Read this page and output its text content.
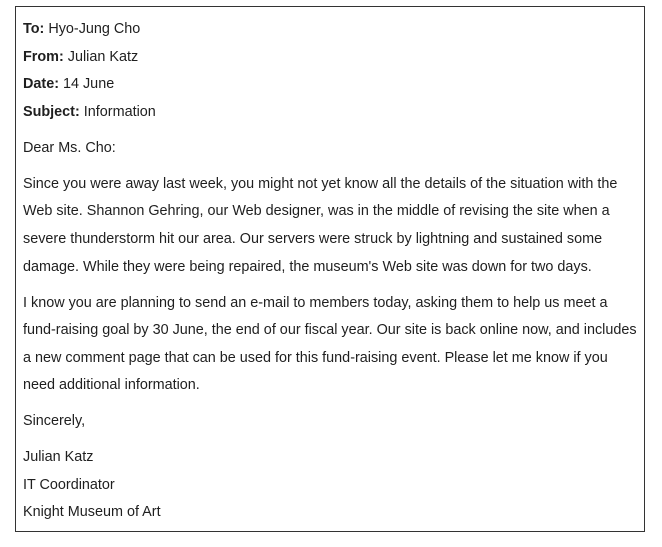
To: Hyo-Jung Cho

From: Julian Katz

Date: 14 June

Subject: Information

Dear Ms. Cho:

Since you were away last week, you might not yet know all the details of the situation with the Web site. Shannon Gehring, our Web designer, was in the middle of revising the site when a severe thunderstorm hit our area. Our servers were struck by lightning and sustained some damage. While they were being repaired, the museum's Web site was down for two days.

I know you are planning to send an e-mail to members today, asking them to help us meet a fund-raising goal by 30 June, the end of our fiscal year. Our site is back online now, and includes a new comment page that can be used for this fund-raising event. Please let me know if you need additional information.

Sincerely,

Julian Katz

IT Coordinator

Knight Museum of Art
